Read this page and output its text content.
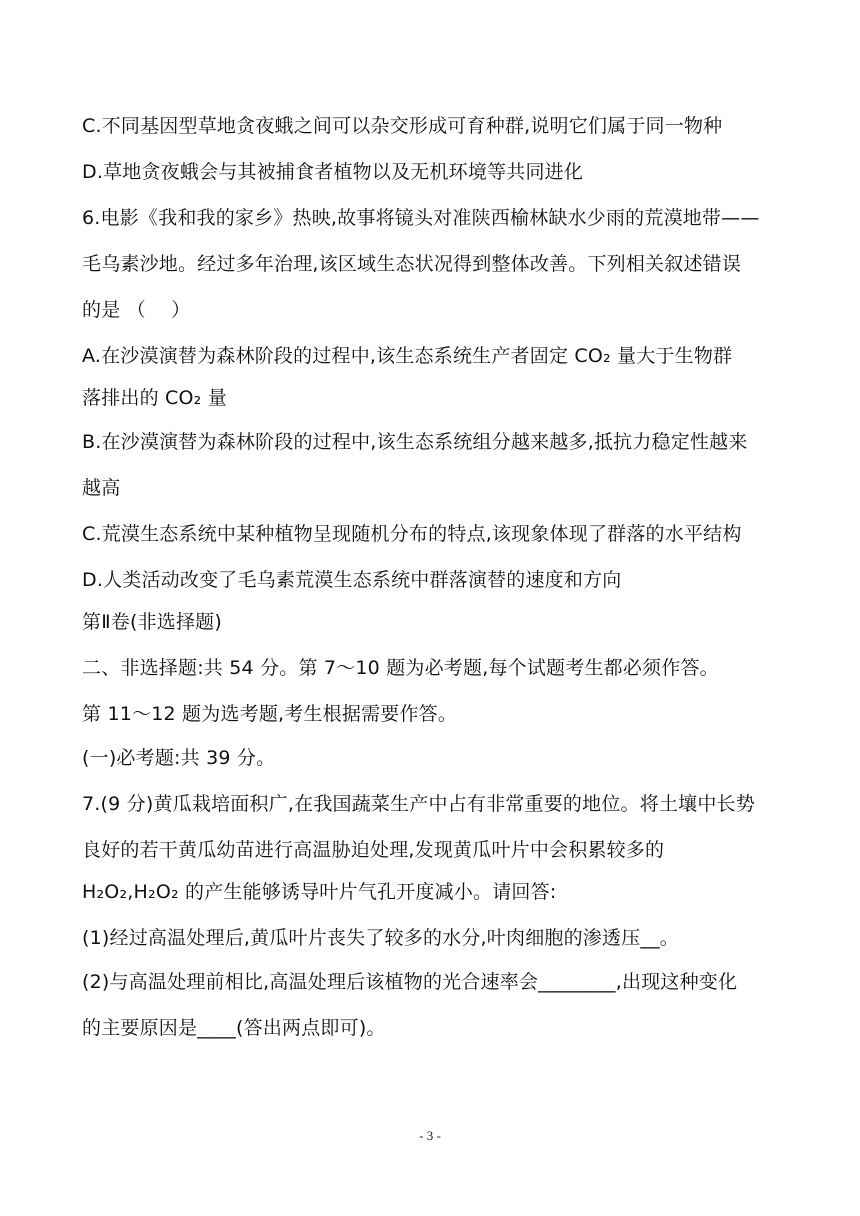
C.不同基因型草地贪夜蛾之间可以杂交形成可育种群,说明它们属于同一物种
D.草地贪夜蛾会与其被捕食者植物以及无机环境等共同进化
6.电影《我和我的家乡》热映,故事将镜头对准陕西榆林缺水少雨的荒漠地带——
毛乌素沙地。经过多年治理,该区域生态状况得到整体改善。下列相关叙述错误
的是 （　 ）
A.在沙漠演替为森林阶段的过程中,该生态系统生产者固定 CO₂ 量大于生物群
落排出的 CO₂ 量
B.在沙漠演替为森林阶段的过程中,该生态系统组分越来越多,抵抗力稳定性越来
越高
C.荒漠生态系统中某种植物呈现随机分布的特点,该现象体现了群落的水平结构
D.人类活动改变了毛乌素荒漠生态系统中群落演替的速度和方向
第Ⅱ卷(非选择题)
二、非选择题:共 54 分。第 7～10 题为必考题,每个试题考生都必须作答。
第 11～12 题为选考题,考生根据需要作答。
(一)必考题:共 39 分。
7.(9 分)黄瓜栽培面积广,在我国蔬菜生产中占有非常重要的地位。将土壤中长势
良好的若干黄瓜幼苗进行高温胁迫处理,发现黄瓜叶片中会积累较多的
H₂O₂,H₂O₂ 的产生能够诱导叶片气孔开度减小。请回答:
(1)经过高温处理后,黄瓜叶片丧失了较多的水分,叶肉细胞的渗透压__。
(2)与高温处理前相比,高温处理后该植物的光合速率会________,出现这种变化
的主要原因是____(答出两点即可)。
- 3 -
